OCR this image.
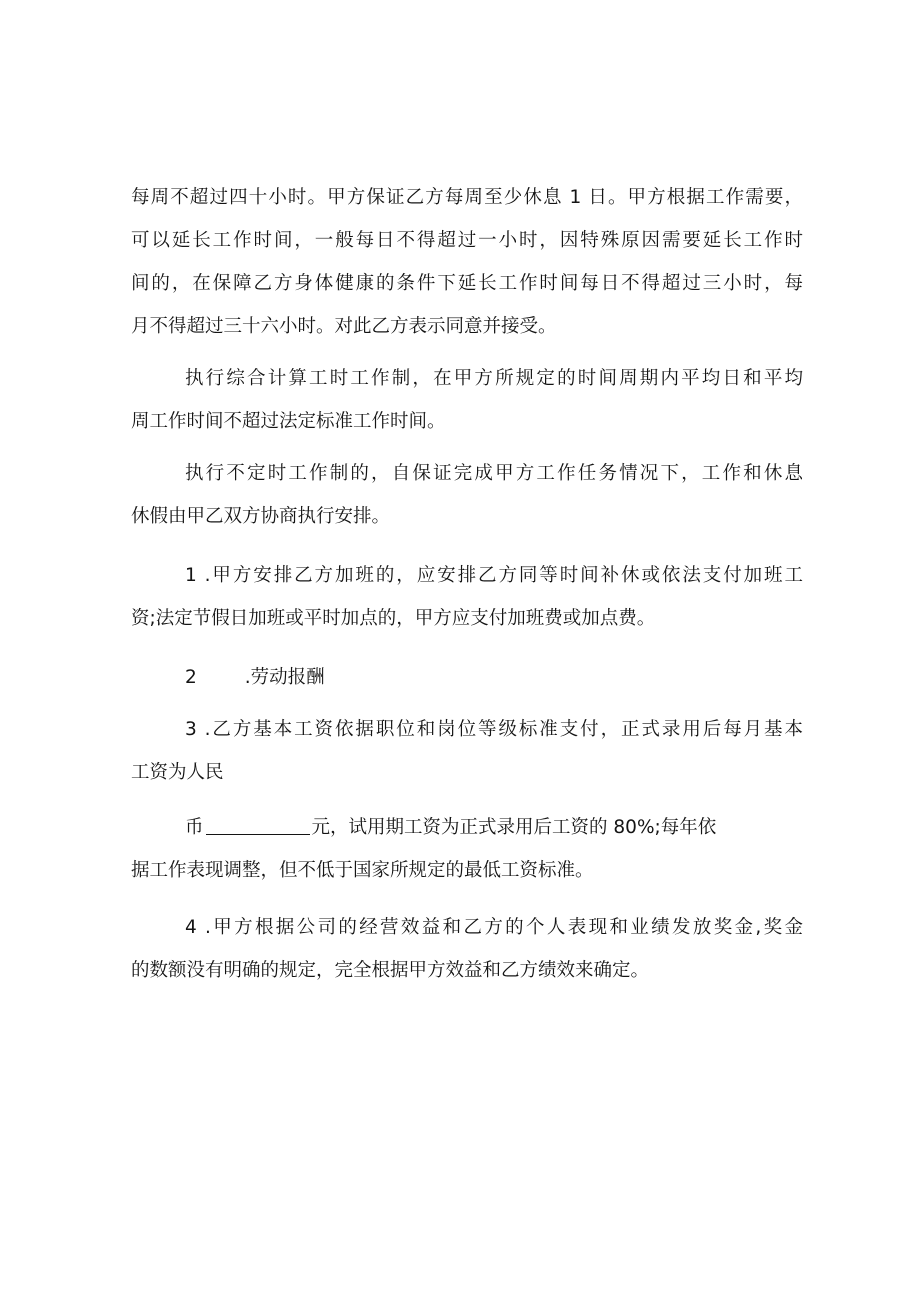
每周不超过四十小时。甲方保证乙方每周至少休息 1 日。甲方根据工作需要，
可以延长工作时间，一般每日不得超过一小时，因特殊原因需要延长工作时
间的，在保障乙方身体健康的条件下延长工作时间每日不得超过三小时，每
月不得超过三十六小时。对此乙方表示同意并接受。
执行综合计算工时工作制，在甲方所规定的时间周期内平均日和平均
周工作时间不超过法定标准工作时间。
执行不定时工作制的，自保证完成甲方工作任务情况下，工作和休息
休假由甲乙双方协商执行安排。
1 .甲方安排乙方加班的，应安排乙方同等时间补休或依法支付加班工
资;法定节假日加班或平时加点的，甲方应支付加班费或加点费。
2	.劳动报酬
3 .乙方基本工资依据职位和岗位等级标准支付，正式录用后每月基本
工资为人民
币	元，试用期工资为正式录用后工资的 80%;每年依
据工作表现调整，但不低于国家所规定的最低工资标准。
4 .甲方根据公司的经营效益和乙方的个人表现和业绩发放奖金,奖金
的数额没有明确的规定，完全根据甲方效益和乙方绩效来确定。
